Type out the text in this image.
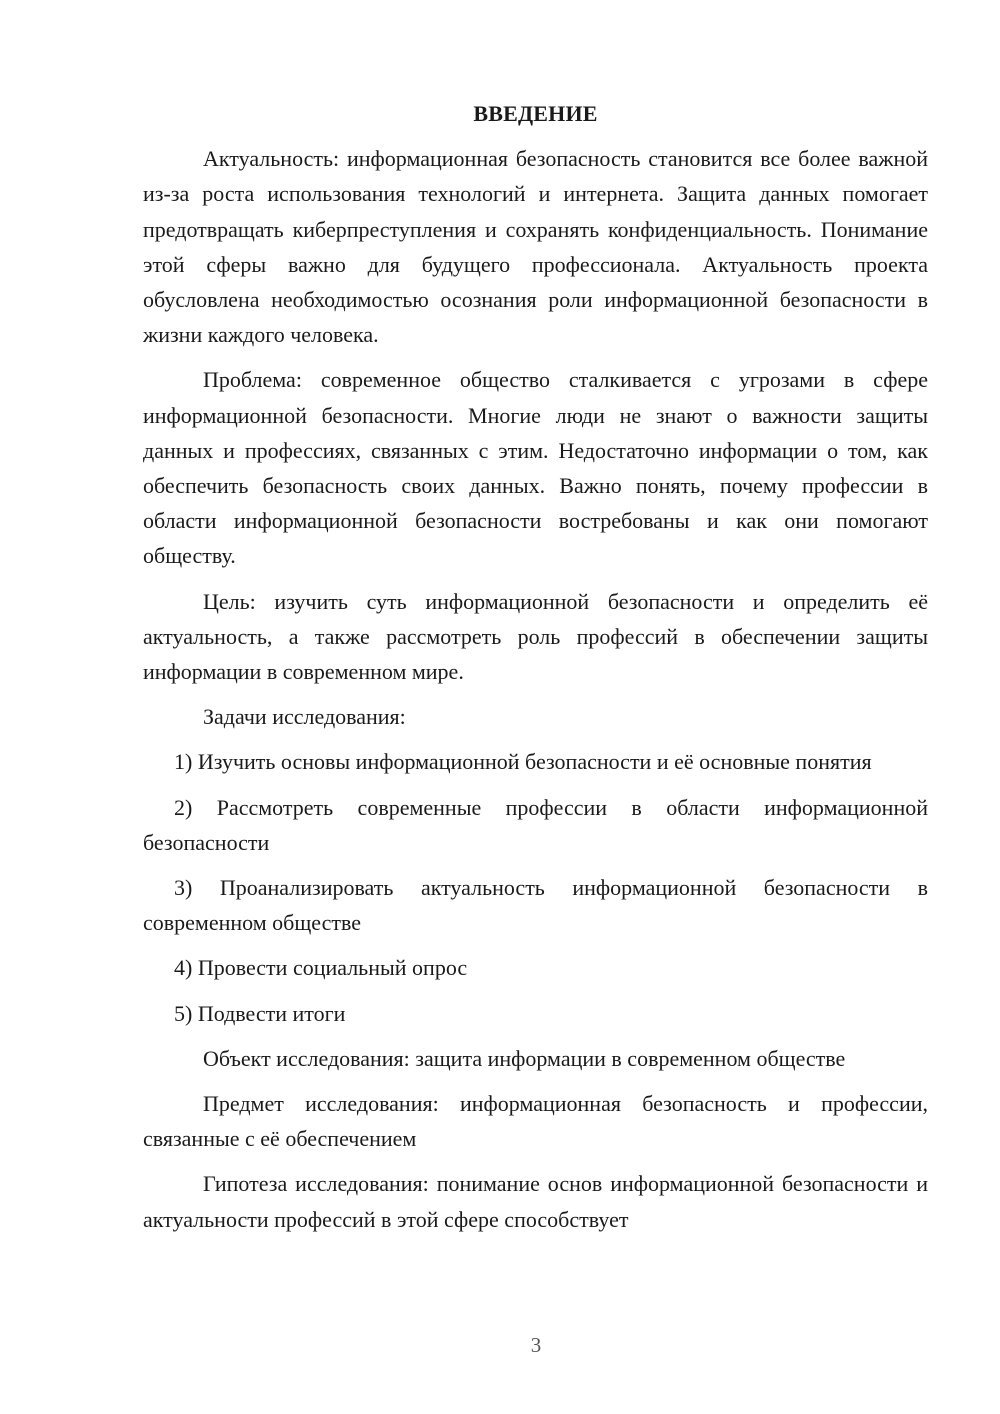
ВВЕДЕНИЕ

Актуальность: информационная безопасность становится все более важной из-за роста использования технологий и интернета. Защита данных помогает предотвращать киберпреступления и сохранять конфиденциальность. Понимание этой сферы важно для будущего профессионала. Актуальность проекта обусловлена необходимостью осознания роли информационной безопасности в жизни каждого человека.

Проблема: современное общество сталкивается с угрозами в сфере информационной безопасности. Многие люди не знают о важности защиты данных и профессиях, связанных с этим. Недостаточно информации о том, как обеспечить безопасность своих данных. Важно понять, почему профессии в области информационной безопасности востребованы и как они помогают обществу.

Цель: изучить суть информационной безопасности и определить её актуальность, а также рассмотреть роль профессий в обеспечении защиты информации в современном мире.

Задачи исследования:

1) Изучить основы информационной безопасности и её основные понятия

2) Рассмотреть современные профессии в области информационной безопасности

3) Проанализировать актуальность информационной безопасности в современном обществе

4) Провести социальный опрос

5) Подвести итоги

Объект исследования: защита информации в современном обществе

Предмет исследования: информационная безопасность и профессии, связанные с её обеспечением

Гипотеза исследования: понимание основ информационной безопасности и актуальности профессий в этой сфере способствует

3
